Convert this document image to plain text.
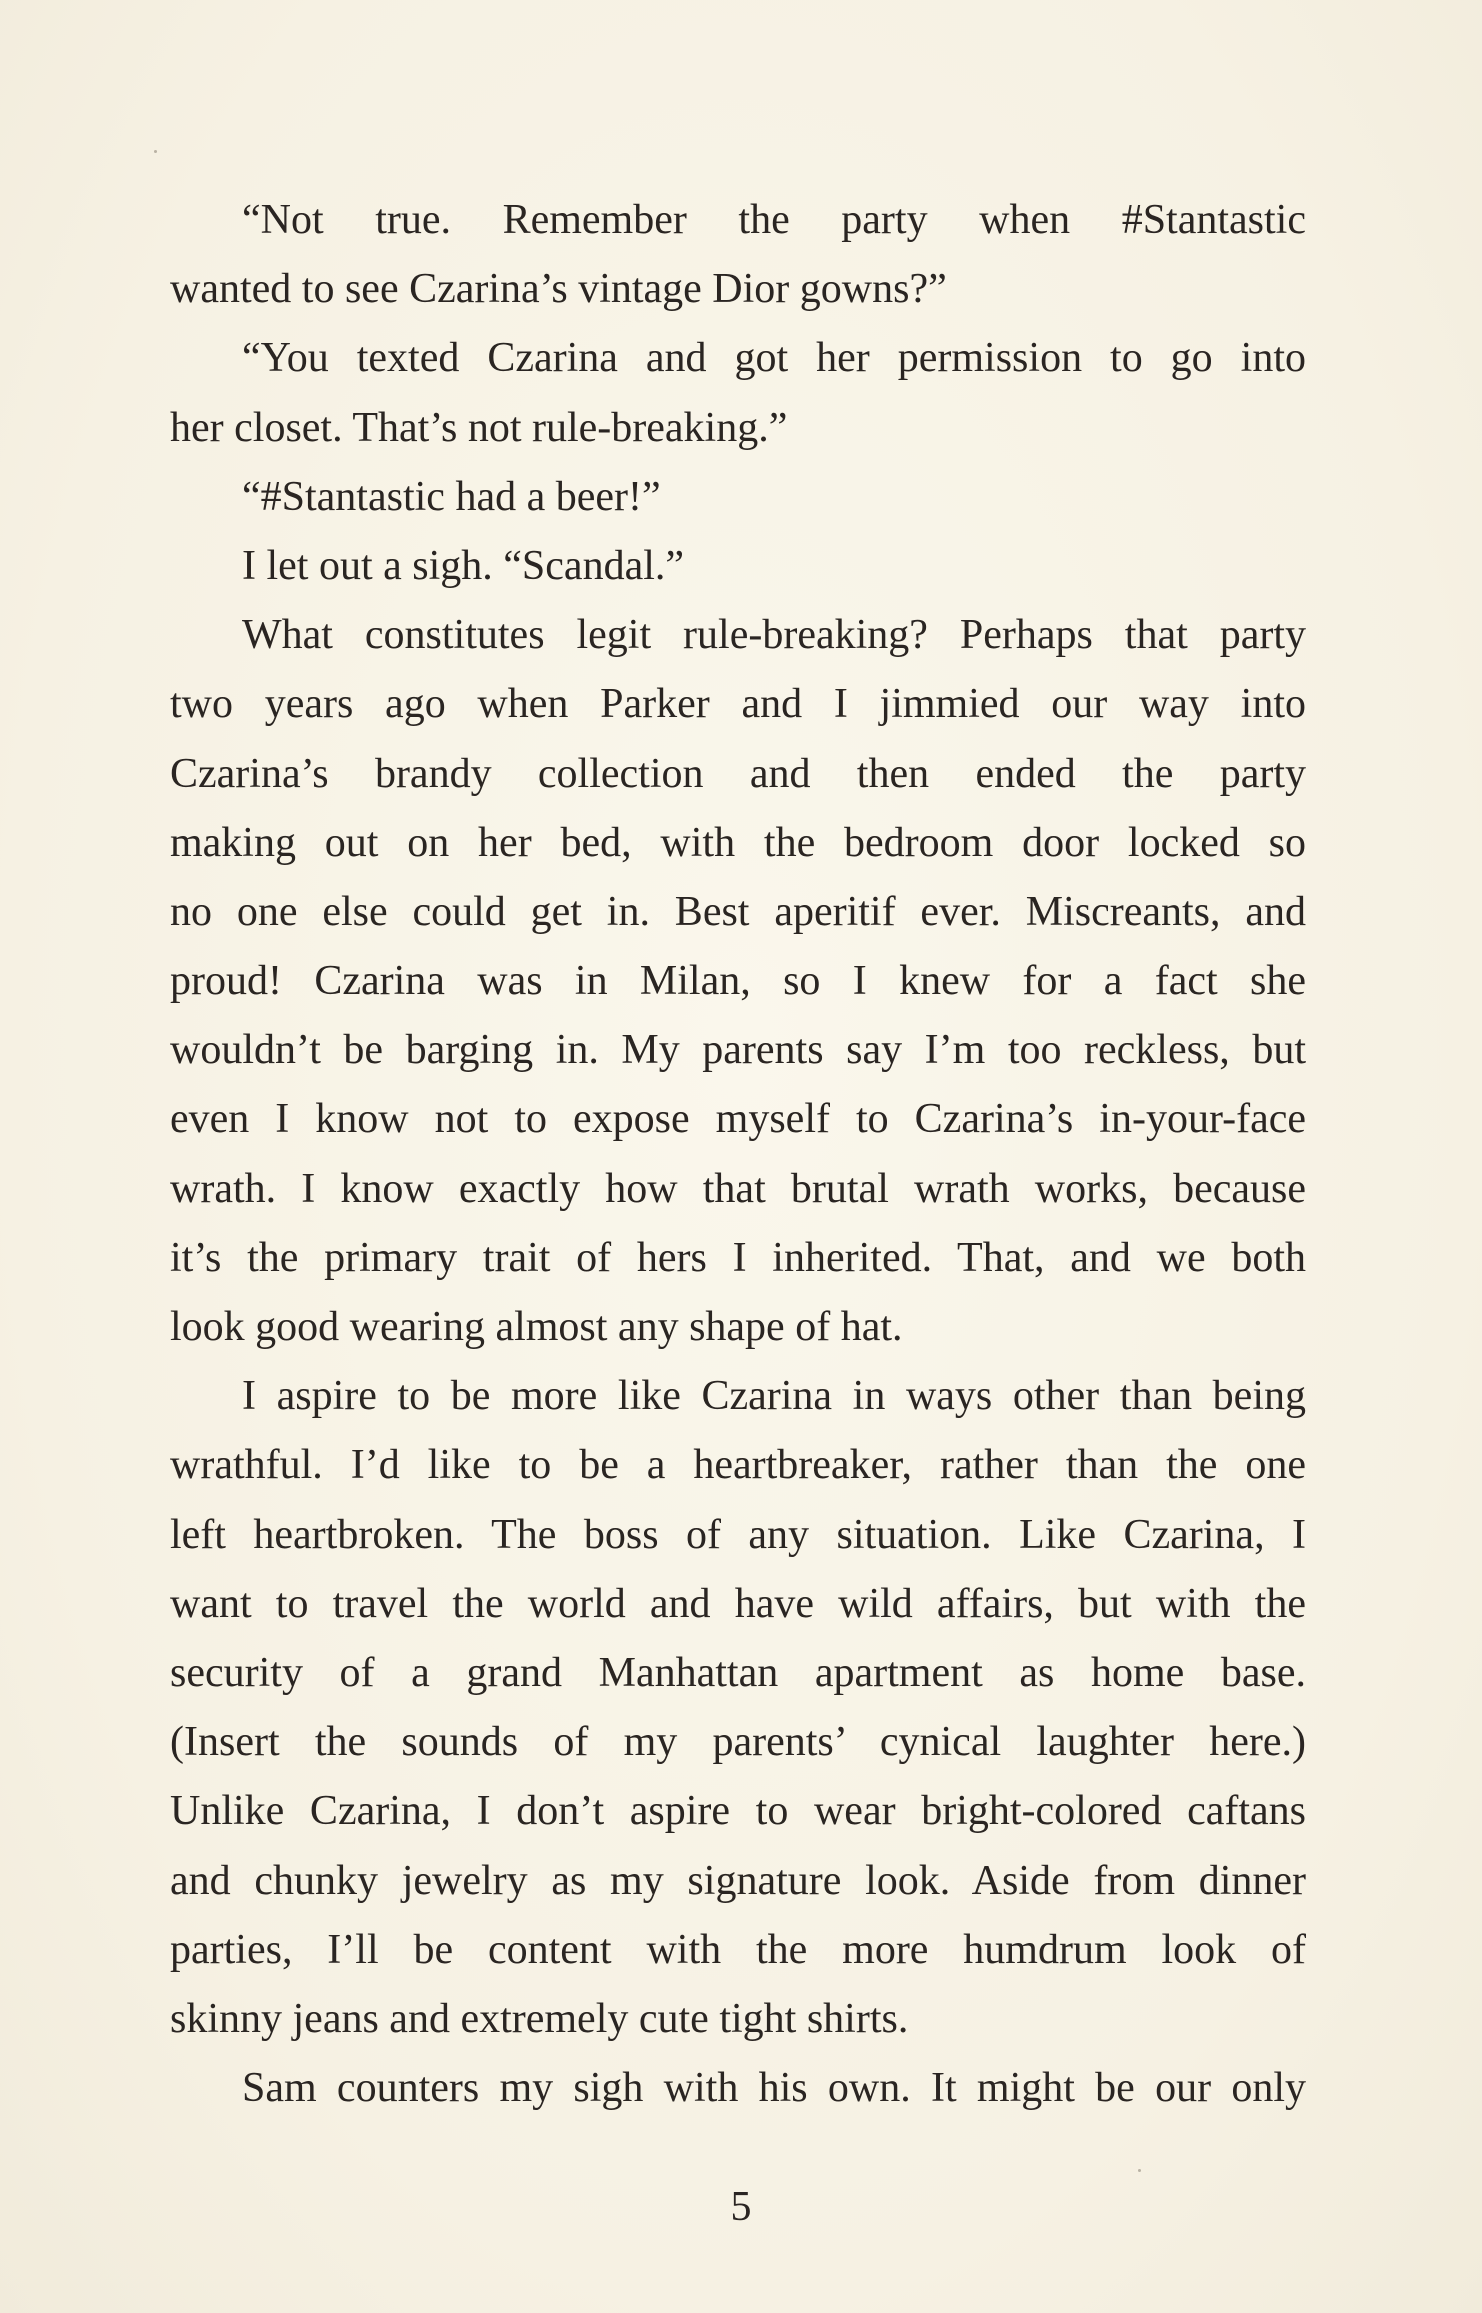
“Not true. Remember the party when #Stantastic
wanted to see Czarina’s vintage Dior gowns?”
“You texted Czarina and got her permission to go into
her closet. That’s not rule-breaking.”
“#Stantastic had a beer!”
I let out a sigh. “Scandal.”
What constitutes legit rule-breaking? Perhaps that party
two years ago when Parker and I jimmied our way into
Czarina’s brandy collection and then ended the party
making out on her bed, with the bedroom door locked so
no one else could get in. Best aperitif ever. Miscreants, and
proud! Czarina was in Milan, so I knew for a fact she
wouldn’t be barging in. My parents say I’m too reckless, but
even I know not to expose myself to Czarina’s in-your-face
wrath. I know exactly how that brutal wrath works, because
it’s the primary trait of hers I inherited. That, and we both
look good wearing almost any shape of hat.
I aspire to be more like Czarina in ways other than being
wrathful. I’d like to be a heartbreaker, rather than the one
left heartbroken. The boss of any situation. Like Czarina, I
want to travel the world and have wild affairs, but with the
security of a grand Manhattan apartment as home base.
(Insert the sounds of my parents’ cynical laughter here.)
Unlike Czarina, I don’t aspire to wear bright-colored caftans
and chunky jewelry as my signature look. Aside from dinner
parties, I’ll be content with the more humdrum look of
skinny jeans and extremely cute tight shirts.
Sam counters my sigh with his own. It might be our only
5
